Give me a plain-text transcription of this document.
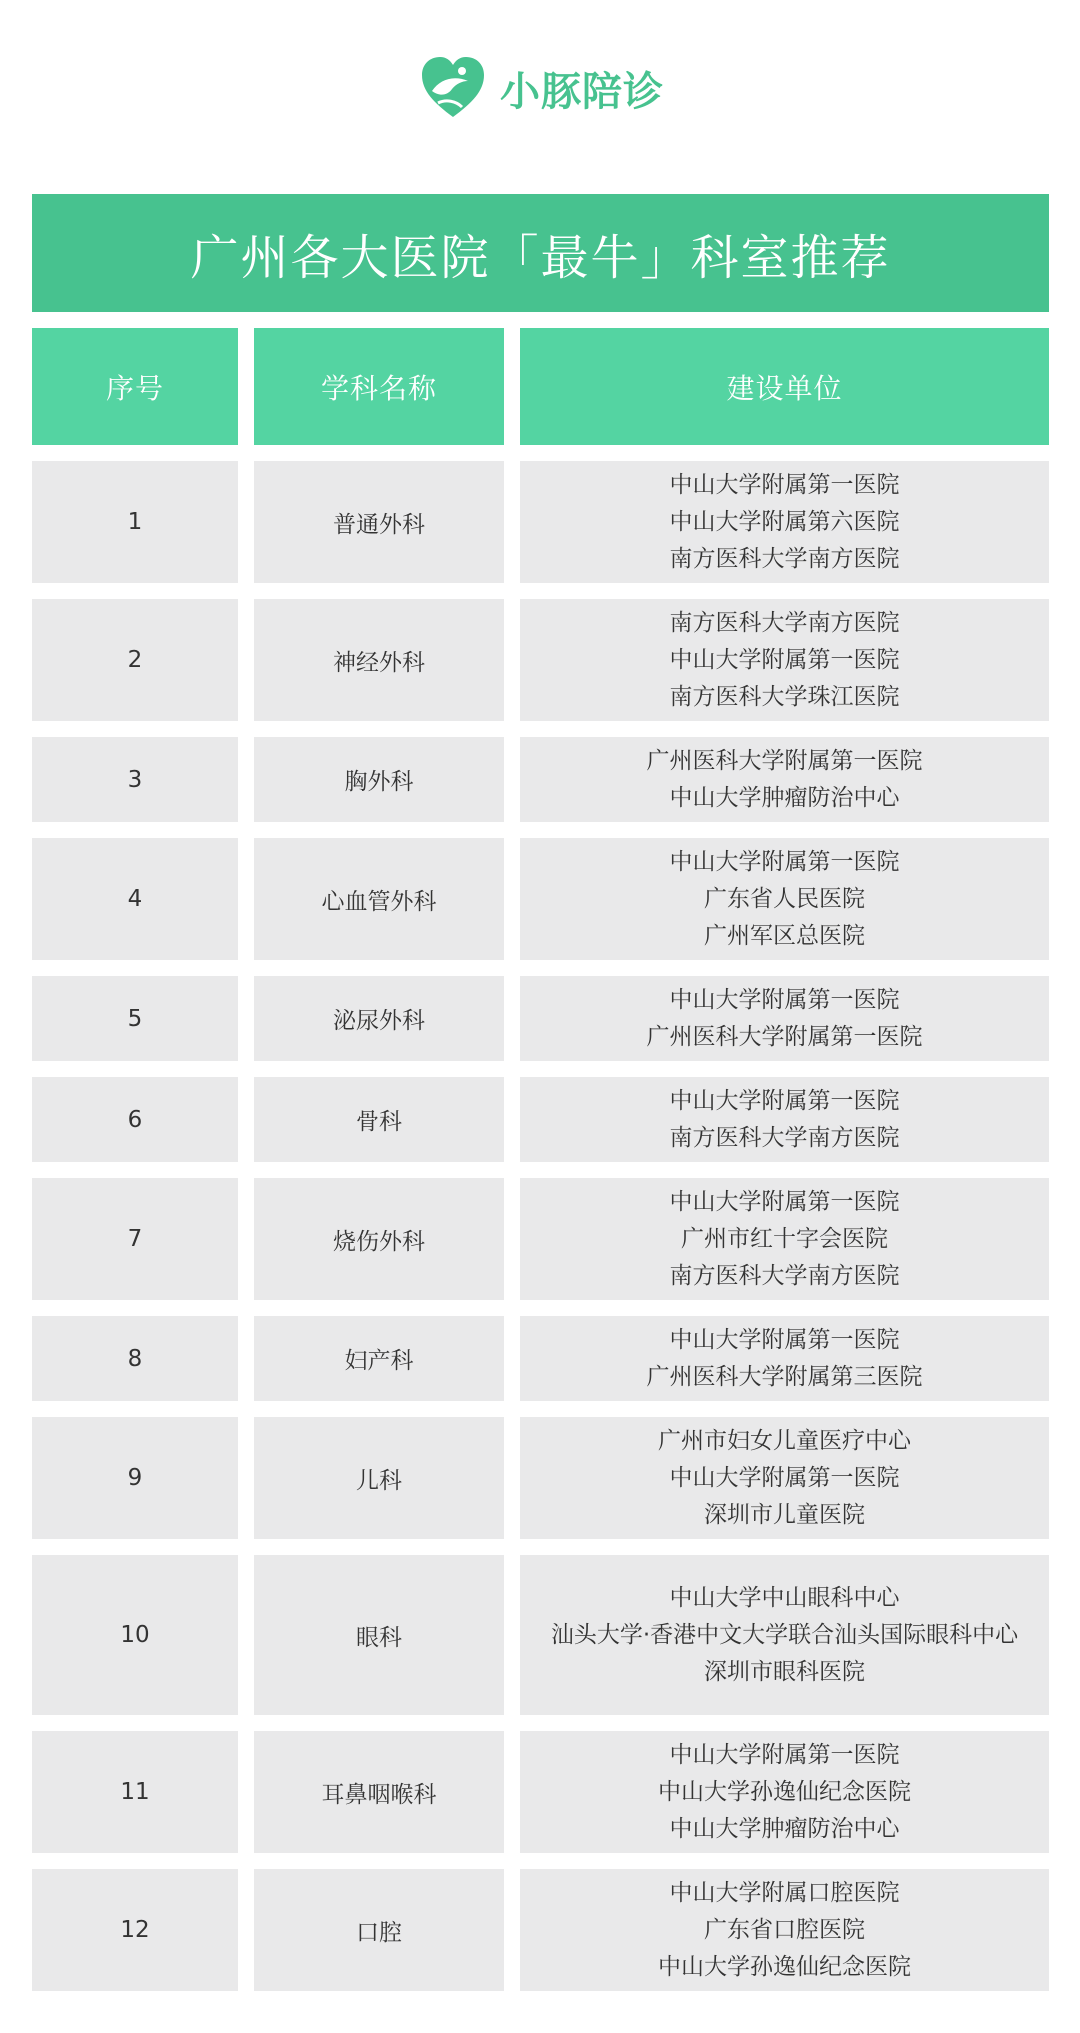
小豚陪诊
广州各大医院「最牛」科室推荐
序号	学科名称	建设单位
1	普通外科
中山大学附属第一医院
中山大学附属第六医院
南方医科大学南方医院
2	神经外科
南方医科大学南方医院
中山大学附属第一医院
南方医科大学珠江医院
3	胸外科
广州医科大学附属第一医院
中山大学肿瘤防治中心
4	心血管外科
中山大学附属第一医院
广东省人民医院
广州军区总医院
5	泌尿外科
中山大学附属第一医院
广州医科大学附属第一医院
6	骨科
中山大学附属第一医院
南方医科大学南方医院
7	烧伤外科
中山大学附属第一医院
广州市红十字会医院
南方医科大学南方医院
8	妇产科
中山大学附属第一医院
广州医科大学附属第三医院
9	儿科
广州市妇女儿童医疗中心
中山大学附属第一医院
深圳市儿童医院
10	眼科
中山大学中山眼科中心
汕头大学·香港中文大学联合汕头国际眼科中心
深圳市眼科医院
11	耳鼻咽喉科
中山大学附属第一医院
中山大学孙逸仙纪念医院
中山大学肿瘤防治中心
12	口腔
中山大学附属口腔医院
广东省口腔医院
中山大学孙逸仙纪念医院
